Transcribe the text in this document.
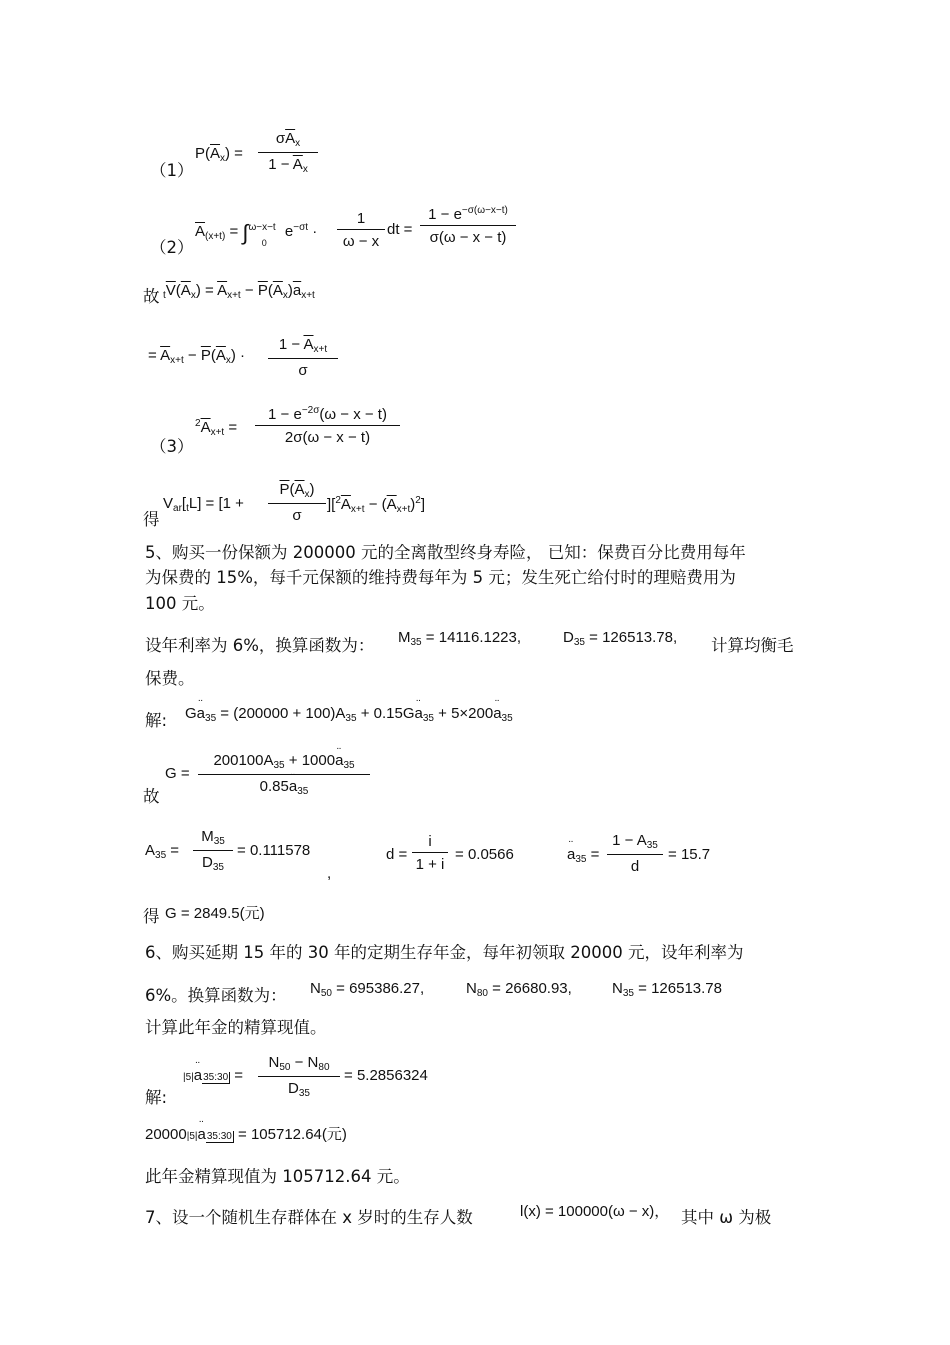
（1）
$P(\overline{A}_x)$ =
$\sigma\overline{A}_x$
$1 - \overline{A}_x$
（2）
$\overline{A}_{(x+t)} = \int^{\omega-x-t}_0$ $e^{-\sigma t}$ ·
1
ω − x
dt =
$1 - e^{-\sigma(\omega-x-t)}$
σ(ω − x − t)
故 $_t\overline{V}(\overline{A}_x) = \overline{A}_{x+t} - \overline{P}(\overline{A}_x)\overline{a}_{x+t}$
= $\overline{A}_{x+t} - \overline{P}(\overline{A}_x)$ ·
$1 - \overline{A}_{x+t}$
σ
（3）
$^2\overline{A}_{x+t}$ =
$1 - e^{-2\sigma}(\omega - x - t)$
2σ(ω − x − t)
得
$V_{ar}[_tL] = [1$ +
$\overline{P}(\overline{A}_x)$
σ
]$[^2\overline{A}_{x+t} - (\overline{A}_{x+t})^2]$
5、购买一份保额为 200000 元的全离散型终身寿险， 已知：保费百分比费用每年
为保费的 15%，每千元保额的维持费每年为 5 元；发生死亡给付时的理赔费用为
100 元。
设年利率为 6%，换算函数为： $M_{35} = 14116.1223$,	$D_{35} = 126513.78$, 计算均衡毛
保费。
解: $G\cdot\cdot a_{35} = (200000 + 100)A_{35} + 0.15G\cdot\cdot a_{35} + 5\times 200\cdot\cdot a_{35}$
故
G =
$200100A_{35} + 1000\cdot\cdot a_{35}$
$0.85\cdot\cdot a_{35}$
$A_{35}$ =
$M_{35}$
$D_{35}$
= 0.111578
,
d =
i
1 + i
= 0.0566	·· $a_{35}$ =
$1 - A_{35}$
d
= 15.7
得 G = 2849.5(元)
6、购买延期 15 年的 30 年的定期生存年金，每年初领取 20000 元，设年利率为
6%。换算函数为： $N_{50} = 695386.27$,	$N_{80} = 26680.93$,	$N_{35} = 126513.78$
计算此年金的精算现值。
解:
|5|·· a35:30 =
$N_{50} - N_{80}$
$D_{35}$
= 5.2856324
20000|5|·· a35:30 = 105712.64(元)
此年金精算现值为 105712.64 元。
7、设一个随机生存群体在 x 岁时的生存人数	l(x) = 100000(ω − x)， 其中 ω 为极
